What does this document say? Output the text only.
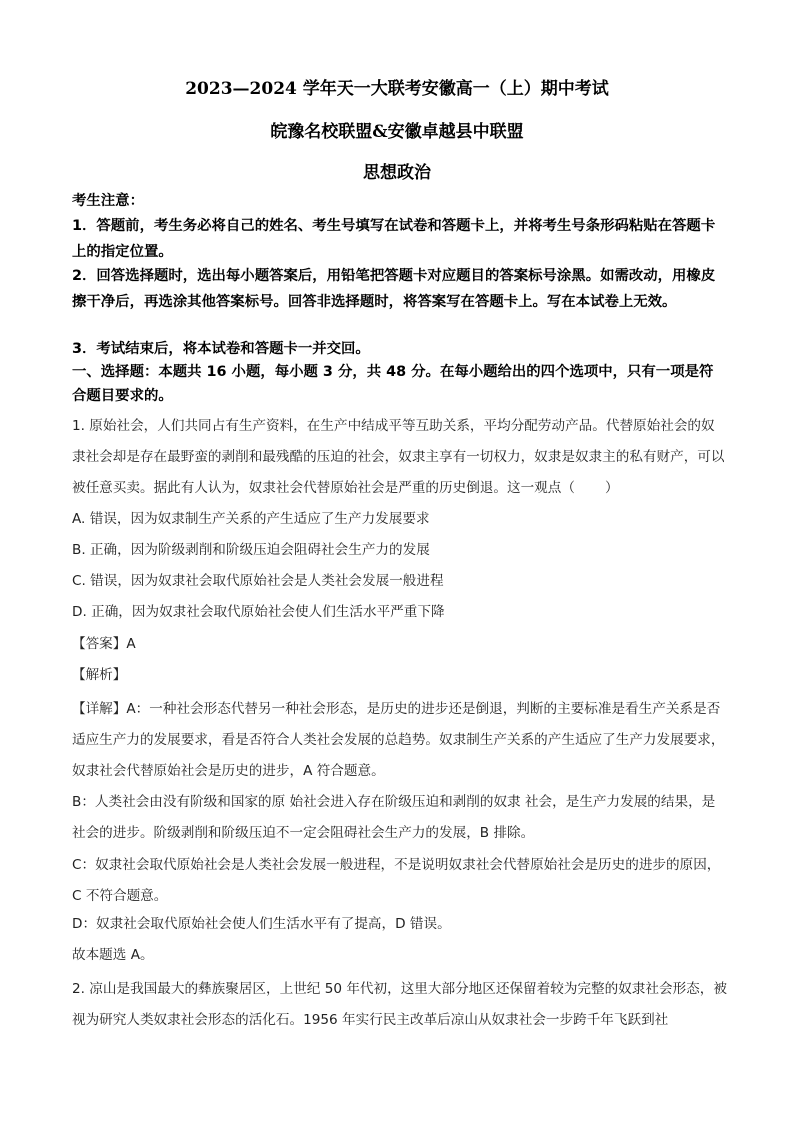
2023—2024 学年天一大联考安徽高一（上）期中考试
皖豫名校联盟&安徽卓越县中联盟
思想政治
考生注意：
1．答题前，考生务必将自己的姓名、考生号填写在试卷和答题卡上，并将考生号条形码粘贴在答题卡上的指定位置。
2．回答选择题时，选出每小题答案后，用铅笔把答题卡对应题目的答案标号涂黑。如需改动，用橡皮擦干净后，再选涂其他答案标号。回答非选择题时，将答案写在答题卡上。写在本试卷上无效。
3．考试结束后，将本试卷和答题卡一并交回。
一、选择题：本题共 16 小题，每小题 3 分，共 48 分。在每小题给出的四个选项中，只有一项是符合题目要求的。
1. 原始社会，人们共同占有生产资料，在生产中结成平等互助关系，平均分配劳动产品。代替原始社会的奴隶社会却是存在最野蛮的剥削和最残酷的压迫的社会，奴隶主享有一切权力，奴隶是奴隶主的私有财产，可以被任意买卖。据此有人认为，奴隶社会代替原始社会是严重的历史倒退。这一观点（ ）
A. 错误，因为奴隶制生产关系的产生适应了生产力发展要求
B. 正确，因为阶级剥削和阶级压迫会阻碍社会生产力的发展
C. 错误，因为奴隶社会取代原始社会是人类社会发展一般进程
D. 正确，因为奴隶社会取代原始社会使人们生活水平严重下降
【答案】A
【解析】
【详解】A：一种社会形态代替另一种社会形态，是历史的进步还是倒退，判断的主要标准是看生产关系是否适应生产力的发展要求，看是否符合人类社会发展的总趋势。奴隶制生产关系的产生适应了生产力发展要求，奴隶社会代替原始社会是历史的进步，A 符合题意。
B：人类社会由没有阶级和国家的原 始社会进入存在阶级压迫和剥削的奴隶 社会，是生产力发展的结果，是社会的进步。阶级剥削和阶级压迫不一定会阻碍社会生产力的发展，B 排除。
C：奴隶社会取代原始社会是人类社会发展一般进程，不是说明奴隶社会代替原始社会是历史的进步的原因，C 不符合题意。
D：奴隶社会取代原始社会使人们生活水平有了提高，D 错误。
故本题选 A。
2. 凉山是我国最大的彝族聚居区，上世纪 50 年代初，这里大部分地区还保留着较为完整的奴隶社会形态，被视为研究人类奴隶社会形态的活化石。1956 年实行民主改革后凉山从奴隶社会一步跨千年飞跃到社
